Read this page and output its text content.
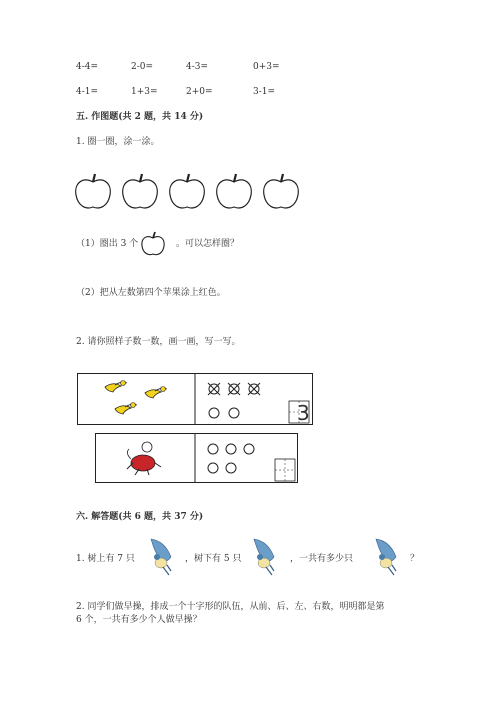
4-4=	2-0=	4-3=	0+3=
4-1=	1+3=	2+0=	3-1=
五. 作图题(共 2 题，共 14 分)
1. 圈一圈，涂一涂。
（1）圈出 3 个	。可以怎样圈？
（2）把从左数第四个苹果涂上红色。
2. 请你照样子数一数，画一画，写一写。
3
六. 解答题(共 6 题，共 37 分)
1. 树上有 7 只	，树下有 5 只	，一共有多少只	？
2. 同学们做早操，排成一个十字形的队伍，从前、后、左、右数，明明都是第
6 个，一共有多少个人做早操？
